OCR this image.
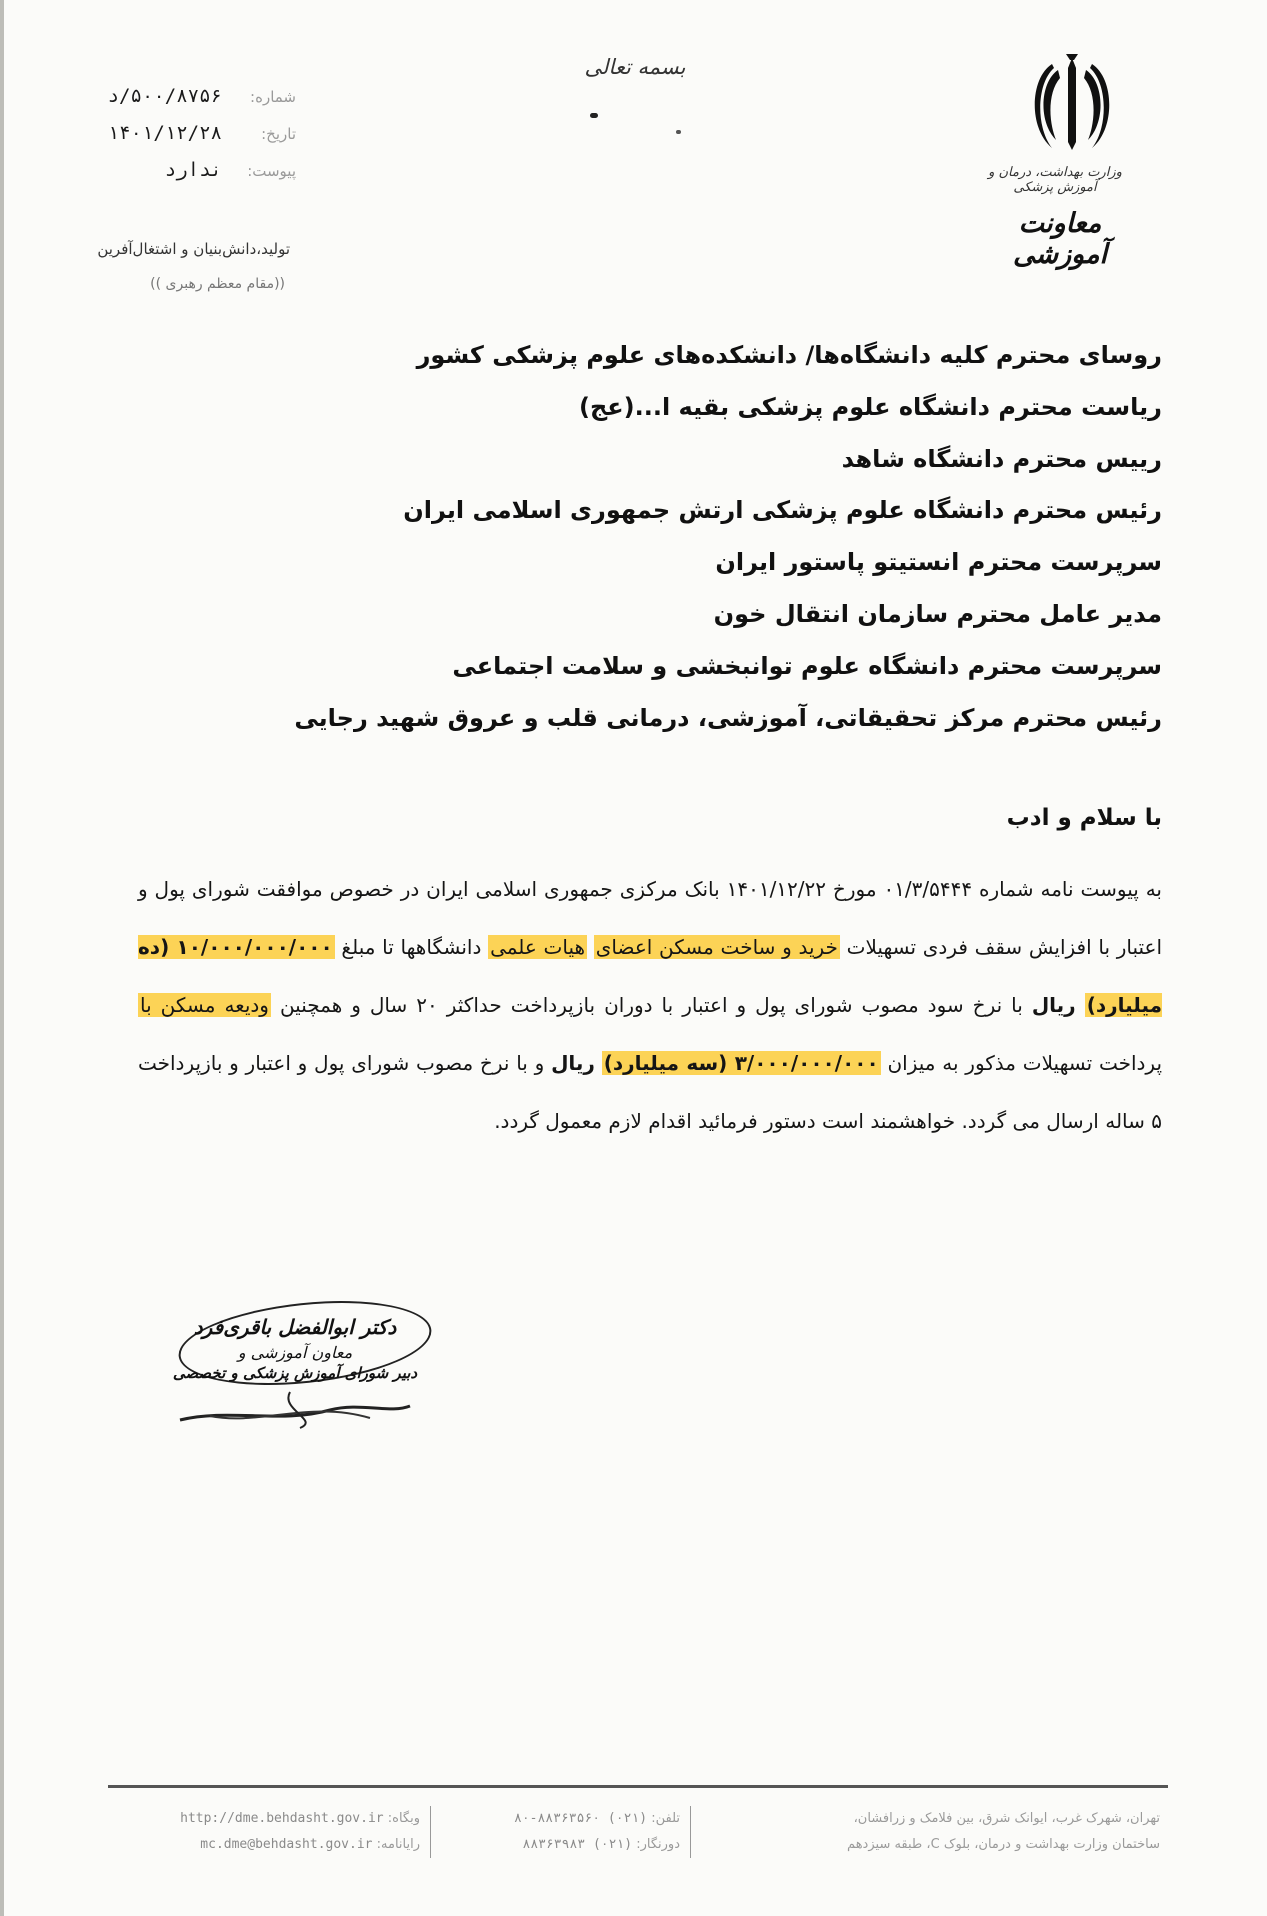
شماره:
۵۰۰/۸۷۵۶/د
تاریخ:
۱۴۰۱/۱۲/۲۸
پیوست:
ندارد
تولید،دانش‌بنیان و اشتغال‌آفرین
((مقام معظم رهبری ))
بسمه تعالی
وزارت بهداشت، درمان و آموزش پزشکی
معاونت آموزشی
روسای محترم کلیه دانشگاه‌ها/ دانشکده‌های علوم پزشکی کشور
ریاست محترم دانشگاه علوم پزشکی بقیه ا...(عج)
رییس محترم دانشگاه شاهد
رئیس محترم دانشگاه علوم پزشکی ارتش جمهوری اسلامی ایران
سرپرست محترم انستیتو پاستور ایران
مدیر عامل محترم سازمان انتقال خون
سرپرست محترم دانشگاه علوم توانبخشی و سلامت اجتماعی
رئیس محترم مرکز تحقیقاتی، آموزشی، درمانی قلب و عروق شهید رجایی
با سلام و ادب
به پیوست نامه شماره ۰۱/۳/۵۴۴۴ مورخ ۱۴۰۱/۱۲/۲۲ بانک مرکزی جمهوری اسلامی ایران در خصوص موافقت شورای پول و اعتبار با افزایش سقف فردی تسهیلات خرید و ساخت مسکن اعضای هیات علمی دانشگاهها تا مبلغ ۱۰/۰۰۰/۰۰۰/۰۰۰ (ده میلیارد) ریال با نرخ سود مصوب شورای پول و اعتبار با دوران بازپرداخت حداکثر ۲۰ سال و همچنین ودیعه مسکن با پرداخت تسهیلات مذکور به میزان ۳/۰۰۰/۰۰۰/۰۰۰ (سه میلیارد) ریال و با نرخ مصوب شورای پول و اعتبار و بازپرداخت ۵ ساله ارسال می گردد. خواهشمند است دستور فرمائید اقدام لازم معمول گردد.
دکتر ابوالفضل باقری‌فرد
معاون آموزشی و
دبیر شورای آموزش پزشکی و تخصصی
تهران، شهرک غرب، ایوانک شرق، بین فلامک و زرافشان،
ساختمان وزارت بهداشت و درمان، بلوک C، طبقه سیزدهم
تلفن: (۰۲۱) ۸۸۳۶۳۵۶۰-۸۰
دورنگار: (۰۲۱) ۸۸۳۶۳۹۸۳
وبگاه: http://dme.behdasht.gov.ir
رایانامه: mc.dme@behdasht.gov.ir
